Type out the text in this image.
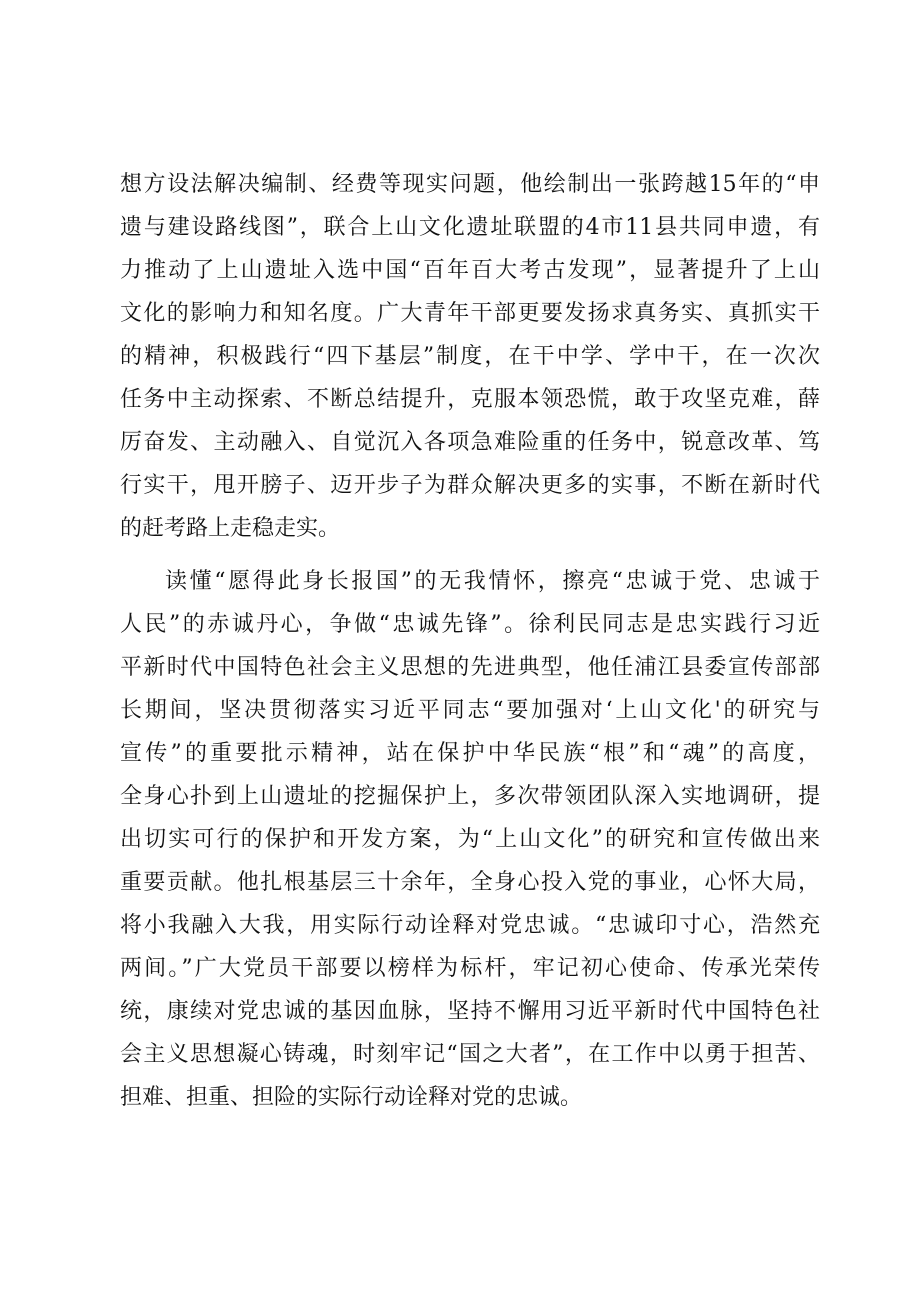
想方设法解决编制、经费等现实问题，他绘制出一张跨越15年的“申
遗与建设路线图”，联合上山文化遗址联盟的4市11县共同申遗，有
力推动了上山遗址入选中国“百年百大考古发现”，显著提升了上山
文化的影响力和知名度。广大青年干部更要发扬求真务实、真抓实干
的精神，积极践行“四下基层”制度，在干中学、学中干，在一次次
任务中主动探索、不断总结提升，克服本领恐慌，敢于攻坚克难，薛
厉奋发、主动融入、自觉沉入各项急难险重的任务中，锐意改革、笃
行实干，甩开膀子、迈开步子为群众解决更多的实事，不断在新时代
的赶考路上走稳走实。
读懂“愿得此身长报国”的无我情怀，擦亮“忠诚于党、忠诚于
人民”的赤诚丹心，争做“忠诚先锋”。徐利民同志是忠实践行习近
平新时代中国特色社会主义思想的先进典型，他任浦江县委宣传部部
长期间，坚决贯彻落实习近平同志“要加强对‘上山文化'的研究与
宣传”的重要批示精神，站在保护中华民族“根”和“魂”的高度，
全身心扑到上山遗址的挖掘保护上，多次带领团队深入实地调研，提
出切实可行的保护和开发方案，为“上山文化”的研究和宣传做出来
重要贡献。他扎根基层三十余年，全身心投入党的事业，心怀大局，
将小我融入大我，用实际行动诠释对党忠诚。“忠诚印寸心，浩然充
两间。”广大党员干部要以榜样为标杆，牢记初心使命、传承光荣传
统，康续对党忠诚的基因血脉，坚持不懈用习近平新时代中国特色社
会主义思想凝心铸魂，时刻牢记“国之大者”，在工作中以勇于担苦、
担难、担重、担险的实际行动诠释对党的忠诚。
